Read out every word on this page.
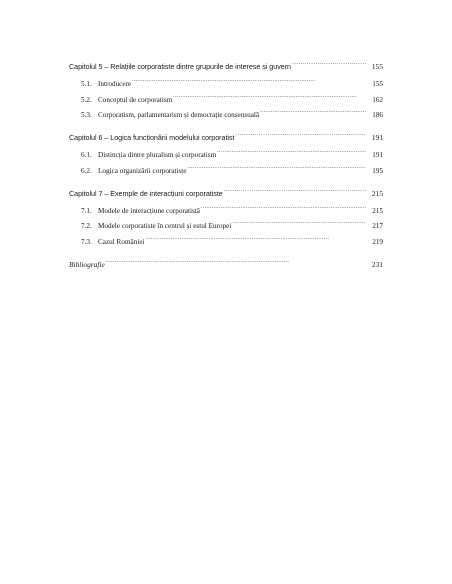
Capitolul 5 – Relațiile corporatiste dintre grupurile de interese și guvern . . .	155
5.1. Introducere . . .	155
5.2. Conceptul de corporatism . . .	162
5.3. Corporatism, parlamentarism și democrație consensuală . . .	186
Capitolul 6 – Logica funcționării modelului corporatist . . .	191
6.1. Distincția dintre pluralism și corporatism . . .	191
6.2. Logica organizării corporatiste . . .	195
Capitolul 7 – Exemple de interacțiuni corporatiste . . .	215
7.1. Modele de interacțiune corporatistă . . .	215
7.2. Modele corporatiste în centrul și estul Europei . . .	217
7.3. Cazul României . . .	219
Bibliografie . . .	231
